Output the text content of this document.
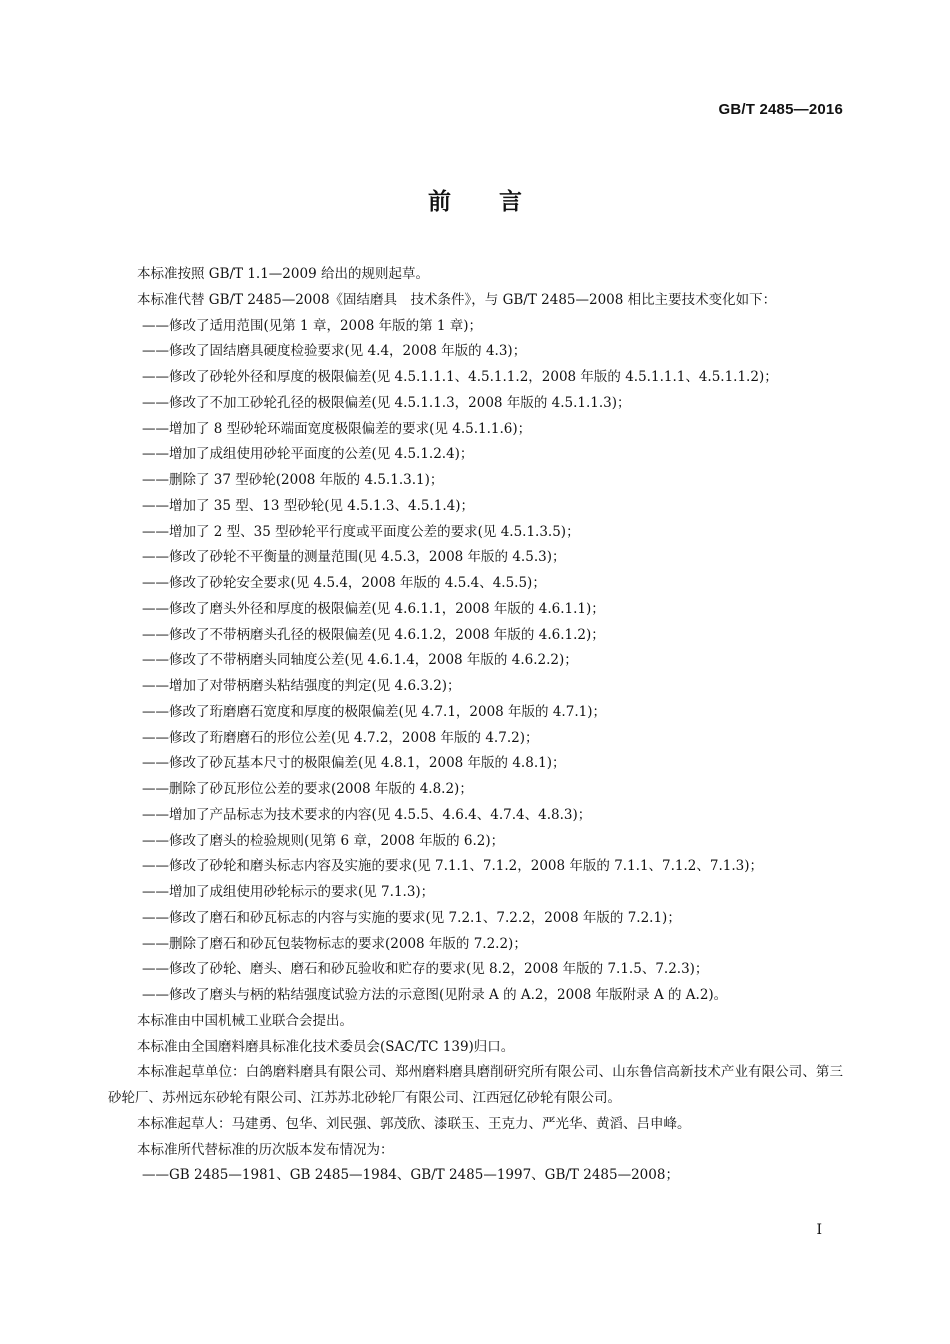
GB/T 2485—2016
前言

本标准按照 GB/T 1.1—2009 给出的规则起草。

本标准代替 GB/T 2485—2008《固结磨具　技术条件》，与 GB/T 2485—2008 相比主要技术变化如下：

——修改了适用范围(见第 1 章，2008 年版的第 1 章)；

——修改了固结磨具硬度检验要求(见 4.4，2008 年版的 4.3)；

——修改了砂轮外径和厚度的极限偏差(见 4.5.1.1.1、4.5.1.1.2，2008 年版的 4.5.1.1.1、4.5.1.1.2)；

——修改了不加工砂轮孔径的极限偏差(见 4.5.1.1.3，2008 年版的 4.5.1.1.3)；

——增加了 8 型砂轮环端面宽度极限偏差的要求(见 4.5.1.1.6)；

——增加了成组使用砂轮平面度的公差(见 4.5.1.2.4)；

——删除了 37 型砂轮(2008 年版的 4.5.1.3.1)；

——增加了 35 型、13 型砂轮(见 4.5.1.3、4.5.1.4)；

——增加了 2 型、35 型砂轮平行度或平面度公差的要求(见 4.5.1.3.5)；

——修改了砂轮不平衡量的测量范围(见 4.5.3，2008 年版的 4.5.3)；

——修改了砂轮安全要求(见 4.5.4，2008 年版的 4.5.4、4.5.5)；

——修改了磨头外径和厚度的极限偏差(见 4.6.1.1，2008 年版的 4.6.1.1)；

——修改了不带柄磨头孔径的极限偏差(见 4.6.1.2，2008 年版的 4.6.1.2)；

——修改了不带柄磨头同轴度公差(见 4.6.1.4，2008 年版的 4.6.2.2)；

——增加了对带柄磨头粘结强度的判定(见 4.6.3.2)；

——修改了珩磨磨石宽度和厚度的极限偏差(见 4.7.1，2008 年版的 4.7.1)；

——修改了珩磨磨石的形位公差(见 4.7.2，2008 年版的 4.7.2)；

——修改了砂瓦基本尺寸的极限偏差(见 4.8.1，2008 年版的 4.8.1)；

——删除了砂瓦形位公差的要求(2008 年版的 4.8.2)；

——增加了产品标志为技术要求的内容(见 4.5.5、4.6.4、4.7.4、4.8.3)；

——修改了磨头的检验规则(见第 6 章，2008 年版的 6.2)；

——修改了砂轮和磨头标志内容及实施的要求(见 7.1.1、7.1.2，2008 年版的 7.1.1、7.1.2、7.1.3)；

——增加了成组使用砂轮标示的要求(见 7.1.3)；

——修改了磨石和砂瓦标志的内容与实施的要求(见 7.2.1、7.2.2，2008 年版的 7.2.1)；

——删除了磨石和砂瓦包装物标志的要求(2008 年版的 7.2.2)；

——修改了砂轮、磨头、磨石和砂瓦验收和贮存的要求(见 8.2，2008 年版的 7.1.5、7.2.3)；

——修改了磨头与柄的粘结强度试验方法的示意图(见附录 A 的 A.2，2008 年版附录 A 的 A.2)。

本标准由中国机械工业联合会提出。

本标准由全国磨料磨具标准化技术委员会(SAC/TC 139)归口。

本标准起草单位：白鸽磨料磨具有限公司、郑州磨料磨具磨削研究所有限公司、山东鲁信高新技术产业有限公司、第三砂轮厂、苏州远东砂轮有限公司、江苏苏北砂轮厂有限公司、江西冠亿砂轮有限公司。

本标准起草人：马建勇、包华、刘民强、郭茂欣、漆联玉、王克力、严光华、黄滔、吕申峰。

本标准所代替标准的历次版本发布情况为：

——GB 2485—1981、GB 2485—1984、GB/T 2485—1997、GB/T 2485—2008；

I
